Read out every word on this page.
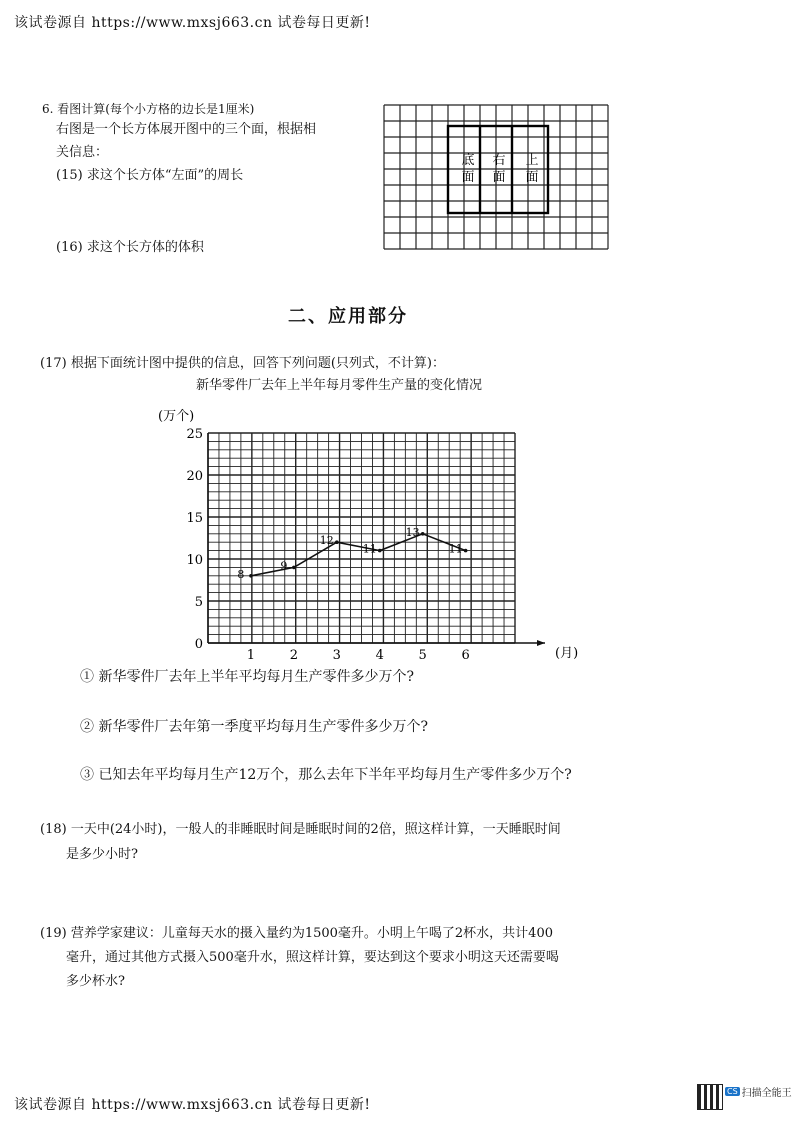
该试卷源自 https://www.mxsj663.cn 试卷每日更新!
6. 看图计算(每个小方格的边长是1厘米)
右图是一个长方体展开图中的三个面，根据相
关信息：
(15) 求这个长方体“左面”的周长
(16) 求这个长方体的体积
底面
右面
上面
二、应用部分
(17) 根据下面统计图中提供的信息，回答下列问题(只列式，不计算)：
新华零件厂去年上半年每月零件生产量的变化情况
0
5
10
15
20
25
1	2	3	4	5	6
(万个)
(月)
8
9
12
11
13
11
① 新华零件厂去年上半年平均每月生产零件多少万个?
② 新华零件厂去年第一季度平均每月生产零件多少万个?
③ 已知去年平均每月生产12万个，那么去年下半年平均每月生产零件多少万个?
(18) 一天中(24小时)，一般人的非睡眠时间是睡眠时间的2倍，照这样计算，一天睡眠时间
是多少小时?
(19) 营养学家建议：儿童每天水的摄入量约为1500毫升。小明上午喝了2杯水，共计400
毫升，通过其他方式摄入500毫升水，照这样计算，要达到这个要求小明这天还需要喝
多少杯水?
CS 扫描全能王
该试卷源自 https://www.mxsj663.cn 试卷每日更新!
